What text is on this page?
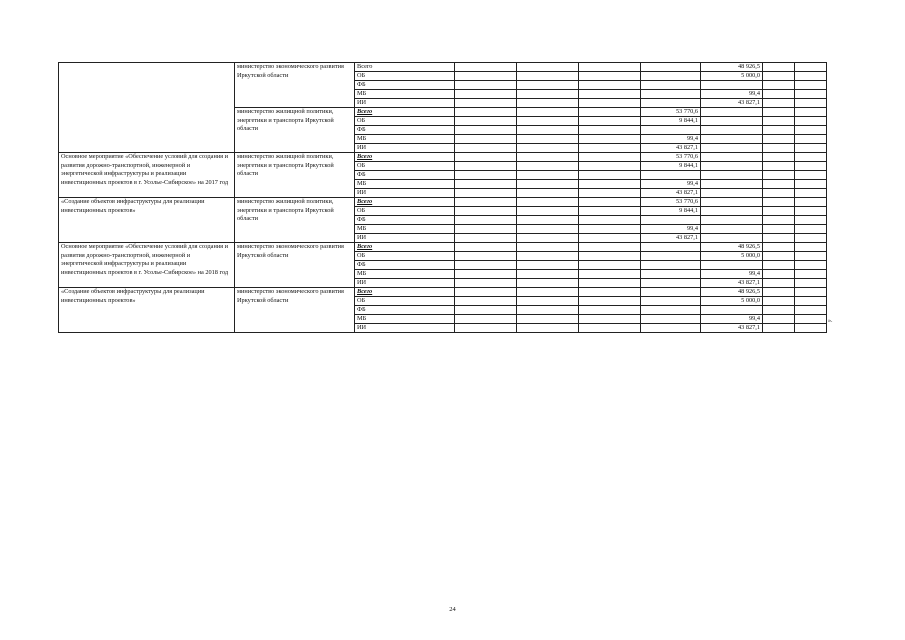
	министерство экономического развития Иркутской области	Всего					48 926,5		
		ОБ					5 000,0		
		ФБ							
		МБ					99,4		
		ИИ					43 827,1		
	министерство жилищной политики, энергетики и транспорта Иркутской области	Всего				53 770,6			
		ОБ				9 844,1			
		ФБ							
		МБ				99,4			
		ИИ				43 827,1			
Основное мероприятие «Обеспечение условий для создания и развития дорожно-транспортной, инженерной и энергетической инфраструктуры и реализации инвестиционных проектов в г. Усолье-Сибирское» на 2017 год	министерство жилищной политики, энергетики и транспорта Иркутской области	Всего				53 770,6			
		ОБ				9 844,1			
		ФБ							
		МБ				99,4			
		ИИ				43 827,1			
«Создание объектов инфраструктуры для реализации инвестиционных проектов»	министерство жилищной политики, энергетики и транспорта Иркутской области	Всего				53 770,6			
		ОБ				9 844,1			
		ФБ							
		МБ				99,4			
		ИИ				43 827,1			
Основное мероприятие «Обеспечение условий для создания и развития дорожно-транспортной, инженерной и энергетической инфраструктуры и реализации инвестиционных проектов в г. Усолье-Сибирское» на 2018 год	министерство экономического развития Иркутской области	Всего					48 926,5		
		ОБ					5 000,0		
		ФБ							
		МБ					99,4		
		ИИ					43 827,1		
«Создание объектов инфраструктуры для реализации инвестиционных проектов»	министерство экономического развития Иркутской области	Всего					48 926,5		
		ОБ					5 000,0		
		ФБ							
		МБ					99,4		
		ИИ					43 827,1		
».
24
